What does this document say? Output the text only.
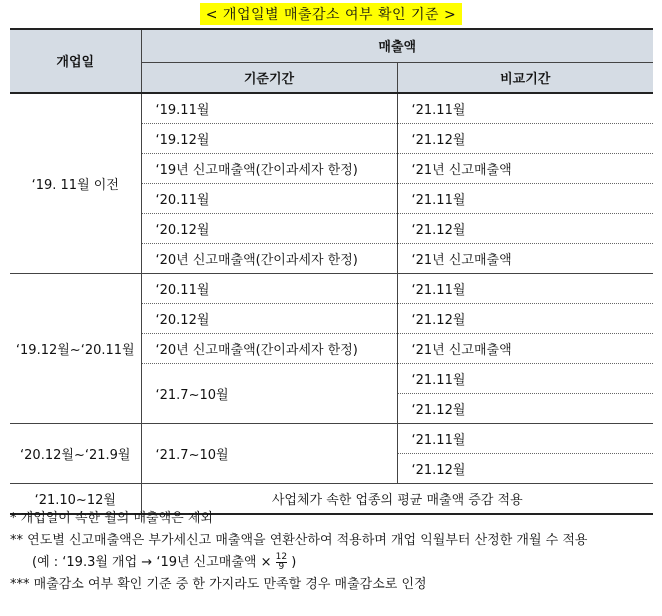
< 개업일별 매출감소 여부 확인 기준 >
개업일	매출액	
	기준기간	비교기간
‘19. 11월 이전	‘19.11월	‘21.11월
	‘19.12월	‘21.12월
	‘19년 신고매출액(간이과세자 한정)	‘21년 신고매출액
	‘20.11월	‘21.11월
	‘20.12월	‘21.12월
	‘20년 신고매출액(간이과세자 한정)	‘21년 신고매출액
‘19.12월~‘20.11월	‘20.11월	‘21.11월
	‘20.12월	‘21.12월
	‘20년 신고매출액(간이과세자 한정)	‘21년 신고매출액
	‘21.7~10월	‘21.11월
		‘21.12월
‘20.12월~‘21.9월	‘21.7~10월	‘21.11월
		‘21.12월
‘21.10~12월	사업체가 속한 업종의 평균 매출액 증감 적용	
* 개업일이 속한 월의 매출액은 제외
** 연도별 신고매출액은 부가세신고 매출액을 연환산하여 적용하며 개업 익월부터 산정한 개월 수 적용
(예 : ‘19.3월 개업 → ‘19년 신고매출액 × $\frac{12}{9}$ )
*** 매출감소 여부 확인 기준 중 한 가지라도 만족할 경우 매출감소로 인정
